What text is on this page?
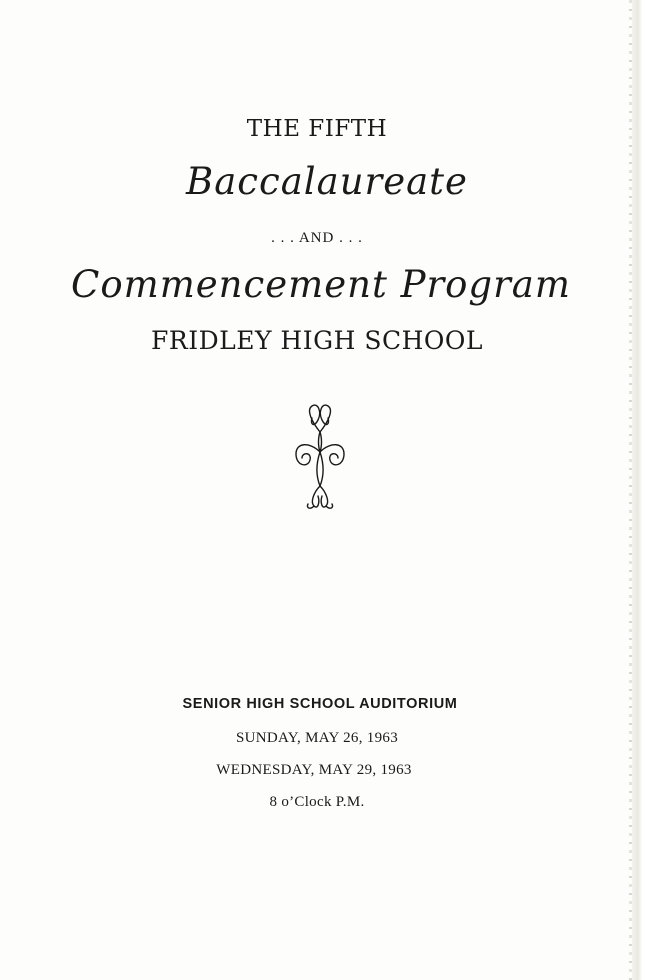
THE FIFTH
Baccalaureate
. . . AND . . .
Commencement Program
FRIDLEY HIGH SCHOOL
SENIOR HIGH SCHOOL AUDITORIUM
SUNDAY, MAY 26, 1963
WEDNESDAY, MAY 29, 1963
8 o’Clock P.M.
